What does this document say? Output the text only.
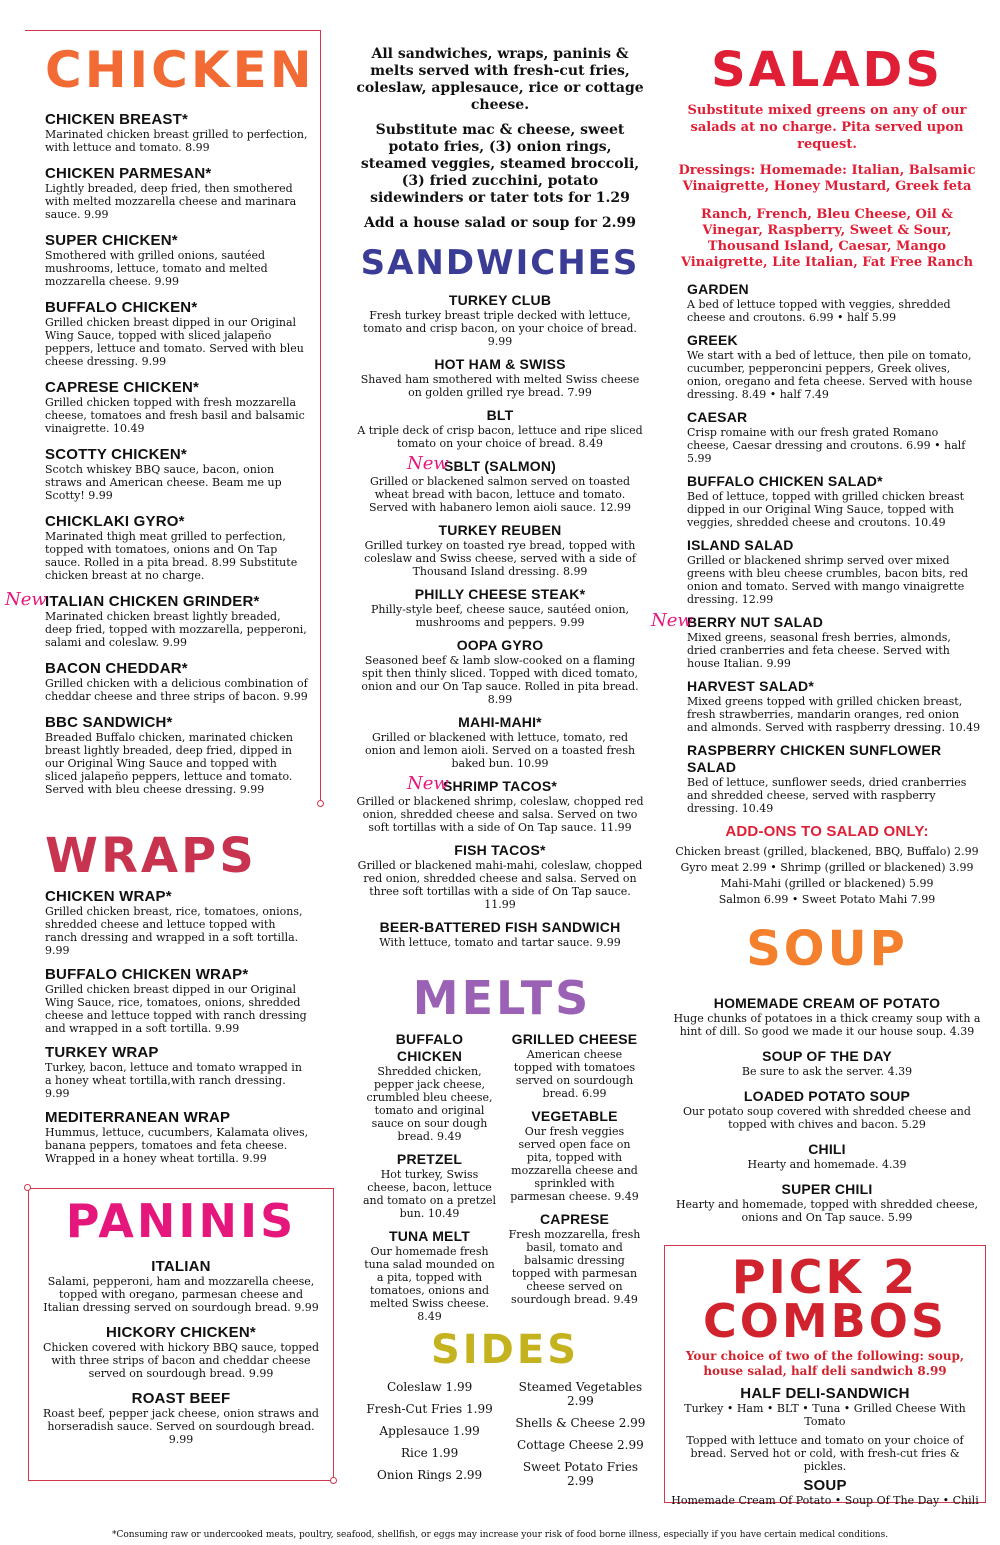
CHICKEN
CHICKEN BREAST*
Marinated chicken breast grilled to perfection, with lettuce and tomato. 8.99
CHICKEN PARMESAN*
Lightly breaded, deep fried, then smothered with melted mozzarella cheese and marinara sauce. 9.99
SUPER CHICKEN*
Smothered with grilled onions, sautéed mushrooms, lettuce, tomato and melted mozzarella cheese. 9.99
BUFFALO CHICKEN*
Grilled chicken breast dipped in our Original Wing Sauce, topped with sliced jalapeño peppers, lettuce and tomato. Served with bleu cheese dressing. 9.99
CAPRESE CHICKEN*
Grilled chicken topped with fresh mozzarella cheese, tomatoes and fresh basil and balsamic vinaigrette. 10.49
SCOTTY CHICKEN*
Scotch whiskey BBQ sauce, bacon, onion straws and American cheese. Beam me up Scotty! 9.99
CHICKLAKI GYRO*
Marinated thigh meat grilled to perfection, topped with tomatoes, onions and On Tap sauce. Rolled in a pita bread. 8.99 Substitute chicken breast at no charge.
New
ITALIAN CHICKEN GRINDER*
Marinated chicken breast lightly breaded, deep fried, topped with mozzarella, pepperoni, salami and coleslaw. 9.99
BACON CHEDDAR*
Grilled chicken with a delicious combination of cheddar cheese and three strips of bacon. 9.99
BBC SANDWICH*
Breaded Buffalo chicken, marinated chicken breast lightly breaded, deep fried, dipped in our Original Wing Sauce and topped with sliced jalapeño peppers, lettuce and tomato. Served with bleu cheese dressing. 9.99
WRAPS
CHICKEN WRAP*
Grilled chicken breast, rice, tomatoes, onions, shredded cheese and lettuce topped with ranch dressing and wrapped in a soft tortilla. 9.99
BUFFALO CHICKEN WRAP*
Grilled chicken breast dipped in our Original Wing Sauce, rice, tomatoes, onions, shredded cheese and lettuce topped with ranch dressing and wrapped in a soft tortilla. 9.99
TURKEY WRAP
Turkey, bacon, lettuce and tomato wrapped in a honey wheat tortilla,with ranch dressing. 9.99
MEDITERRANEAN WRAP
Hummus, lettuce, cucumbers, Kalamata olives, banana peppers, tomatoes and feta cheese. Wrapped in a honey wheat tortilla. 9.99
PANINIS
ITALIAN
Salami, pepperoni, ham and mozzarella cheese, topped with oregano, parmesan cheese and Italian dressing served on sourdough bread. 9.99
HICKORY CHICKEN*
Chicken covered with hickory BBQ sauce, topped with three strips of bacon and cheddar cheese served on sourdough bread. 9.99
ROAST BEEF
Roast beef, pepper jack cheese, onion straws and horseradish sauce. Served on sourdough bread. 9.99

All sandwiches, wraps, paninis & melts served with fresh-cut fries, coleslaw, applesauce, rice or cottage cheese.

Substitute mac & cheese, sweet potato fries, (3) onion rings, steamed veggies, steamed broccoli, (3) fried zucchini, potato sidewinders or tater tots for 1.29

Add a house salad or soup for 2.99

SANDWICHES
TURKEY CLUB
Fresh turkey breast triple decked with lettuce, tomato and crisp bacon, on your choice of bread. 9.99
HOT HAM & SWISS
Shaved ham smothered with melted Swiss cheese on golden grilled rye bread. 7.99
BLT
A triple deck of crisp bacon, lettuce and ripe sliced tomato on your choice of bread. 8.49
New
SBLT (SALMON)
Grilled or blackened salmon served on toasted wheat bread with bacon, lettuce and tomato. Served with habanero lemon aioli sauce. 12.99
TURKEY REUBEN
Grilled turkey on toasted rye bread, topped with coleslaw and Swiss cheese, served with a side of Thousand Island dressing. 8.99
PHILLY CHEESE STEAK*
Philly-style beef, cheese sauce, sautéed onion, mushrooms and peppers. 9.99
OOPA GYRO
Seasoned beef & lamb slow-cooked on a flaming spit then thinly sliced. Topped with diced tomato, onion and our On Tap sauce. Rolled in pita bread. 8.99
MAHI-MAHI*
Grilled or blackened with lettuce, tomato, red onion and lemon aioli. Served on a toasted fresh baked bun. 10.99
New
SHRIMP TACOS*
Grilled or blackened shrimp, coleslaw, chopped red onion, shredded cheese and salsa. Served on two soft tortillas with a side of On Tap sauce. 11.99
FISH TACOS*
Grilled or blackened mahi-mahi, coleslaw, chopped red onion, shredded cheese and salsa. Served on three soft tortillas with a side of On Tap sauce. 11.99
BEER-BATTERED FISH SANDWICH
With lettuce, tomato and tartar sauce. 9.99
MELTS
BUFFALO CHICKEN
Shredded chicken, pepper jack cheese, crumbled bleu cheese, tomato and original sauce on sour dough bread. 9.49
PRETZEL
Hot turkey, Swiss cheese, bacon, lettuce and tomato on a pretzel bun. 10.49
TUNA MELT
Our homemade fresh tuna salad mounded on a pita, topped with tomatoes, onions and melted Swiss cheese. 8.49
GRILLED CHEESE
American cheese topped with tomatoes served on sourdough bread. 6.99
VEGETABLE
Our fresh veggies served open face on pita, topped with mozzarella cheese and sprinkled with parmesan cheese. 9.49
CAPRESE
Fresh mozzarella, fresh basil, tomato and balsamic dressing topped with parmesan cheese served on sourdough bread. 9.49
SIDES
Coleslaw 1.99
Fresh-Cut Fries 1.99
Applesauce 1.99
Rice 1.99
Onion Rings 2.99
Steamed Vegetables 2.99
Shells & Cheese 2.99
Cottage Cheese 2.99
Sweet Potato Fries 2.99
SALADS

Substitute mixed greens on any of our salads at no charge. Pita served upon request.

Dressings: Homemade: Italian, Balsamic Vinaigrette, Honey Mustard, Greek feta

Ranch, French, Bleu Cheese, Oil & Vinegar, Raspberry, Sweet & Sour, Thousand Island, Caesar, Mango Vinaigrette, Lite Italian, Fat Free Ranch

GARDEN
A bed of lettuce topped with veggies, shredded cheese and croutons. 6.99 • half 5.99
GREEK
We start with a bed of lettuce, then pile on tomato, cucumber, pepperoncini peppers, Greek olives, onion, oregano and feta cheese. Served with house dressing. 8.49 • half 7.49
CAESAR
Crisp romaine with our fresh grated Romano cheese, Caesar dressing and croutons. 6.99 • half 5.99
BUFFALO CHICKEN SALAD*
Bed of lettuce, topped with grilled chicken breast dipped in our Original Wing Sauce, topped with veggies, shredded cheese and croutons. 10.49
ISLAND SALAD
Grilled or blackened shrimp served over mixed greens with bleu cheese crumbles, bacon bits, red onion and tomato. Served with mango vinaigrette dressing. 12.99
New
BERRY NUT SALAD
Mixed greens, seasonal fresh berries, almonds, dried cranberries and feta cheese. Served with house Italian. 9.99
HARVEST SALAD*
Mixed greens topped with grilled chicken breast, fresh strawberries, mandarin oranges, red onion and almonds. Served with raspberry dressing. 10.49
RASPBERRY CHICKEN SUNFLOWER SALAD
Bed of lettuce, sunflower seeds, dried cranberries and shredded cheese, served with raspberry dressing. 10.49
ADD-ONS TO SALAD ONLY:
Chicken breast (grilled, blackened, BBQ, Buffalo) 2.99
Gyro meat 2.99 • Shrimp (grilled or blackened) 3.99
Mahi-Mahi (grilled or blackened) 5.99
Salmon 6.99 • Sweet Potato Mahi 7.99
SOUP
HOMEMADE CREAM OF POTATO
Huge chunks of potatoes in a thick creamy soup with a hint of dill. So good we made it our house soup. 4.39
SOUP OF THE DAY
Be sure to ask the server. 4.39
LOADED POTATO SOUP
Our potato soup covered with shredded cheese and topped with chives and bacon. 5.29
CHILI
Hearty and homemade. 4.39
SUPER CHILI
Hearty and homemade, topped with shredded cheese, onions and On Tap sauce. 5.99
PICK 2
COMBOS

Your choice of two of the following: soup, house salad, half deli sandwich 8.99

HALF DELI-SANDWICH

Turkey • Ham • BLT • Tuna • Grilled Cheese With Tomato

Topped with lettuce and tomato on your choice of bread. Served hot or cold, with fresh-cut fries & pickles.

SOUP

Homemade Cream Of Potato • Soup Of The Day • Chili

*Consuming raw or undercooked meats, poultry, seafood, shellfish, or eggs may increase your risk of food borne illness, especially if you have certain medical conditions.
